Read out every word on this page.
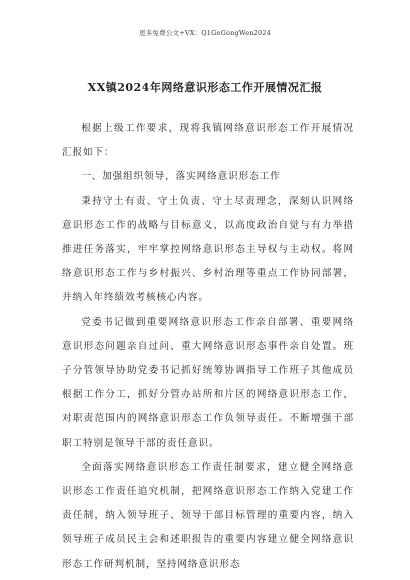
更多免费公文+VX：Q1GeGongWen2024
XX镇2024年网络意识形态工作开展情况汇报

根据上级工作要求，现将我镇网络意识形态工作开展情况汇报如下：

一、加强组织领导，落实网络意识形态工作

秉持守土有责、守土负责、守土尽责理念，深刻认识网络意识形态工作的战略与目标意义，以高度政治自觉与有力举措推进任务落实，牢牢掌控网络意识形态主导权与主动权。将网络意识形态工作与乡村振兴、乡村治理等重点工作协同部署，并纳入年终绩效考核核心内容。

党委书记做到重要网络意识形态工作亲自部署、重要网络意识形态问题亲自过问、重大网络意识形态事件亲自处置。班子分管领导协助党委书记抓好统筹协调指导工作班子其他成员根据工作分工，抓好分管办站所和片区的网络意识形态工作，对职责范围内的网络意识形态工作负领导责任。不断增强干部职工特别是领导干部的责任意识。

全面落实网络意识形态工作责任制要求，建立健全网络意识形态工作责任追究机制，把网络意识形态工作纳入党建工作责任制，纳入领导班子、领导干部目标管理的重要内容，纳入领导班子成员民主会和述职报告的重要内容建立健全网络意识形态工作研判机制，坚持网络意识形态
